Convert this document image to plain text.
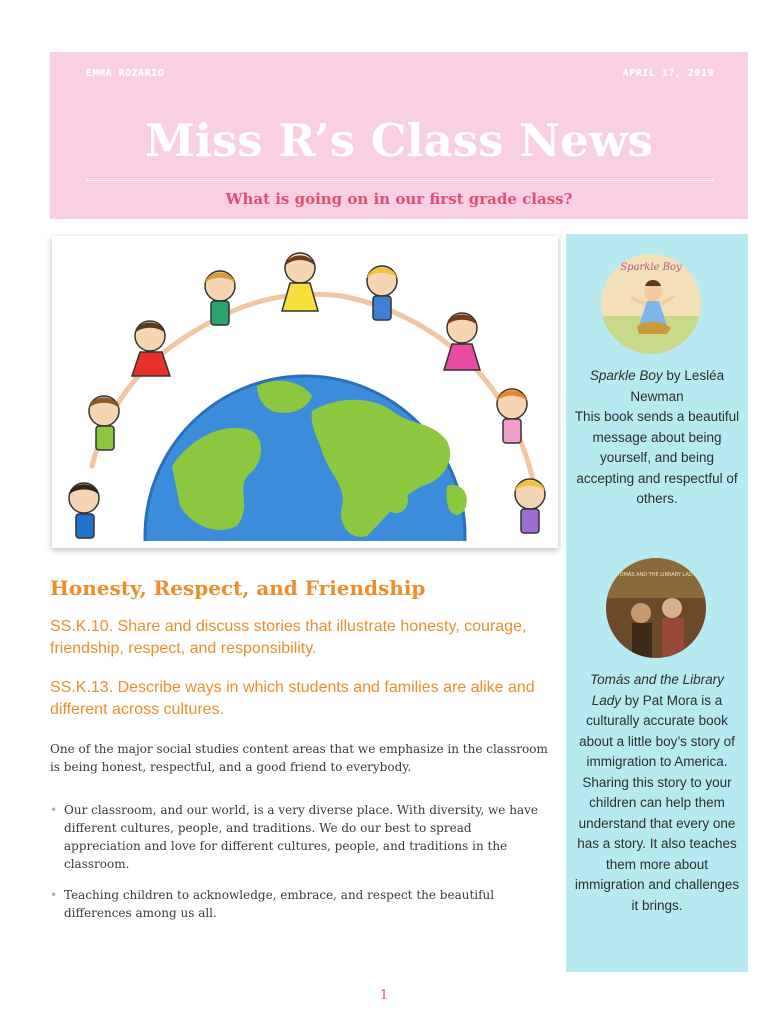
EMMA ROZARIO	APRIL 17, 2019
Miss R’s Class News
What is going on in our first grade class?
Honesty, Respect, and Friendship
SS.K.10. Share and discuss stories that illustrate honesty, courage, friendship, respect, and responsibility.
SS.K.13. Describe ways in which students and families are alike and different across cultures.
One of the major social studies content areas that we emphasize in the classroom is being honest, respectful, and a good friend to everybody.
• Our classroom, and our world, is a very diverse place. With diversity, we have different cultures, people, and traditions. We do our best to spread appreciation and love for different cultures, people, and traditions in the classroom.
• Teaching children to acknowledge, embrace, and respect the beautiful differences among us all.
Sparkle Boy
Sparkle Boy by Lesléa Newman
This book sends a beautiful message about being yourself, and being accepting and respectful of others.
TOMÁS AND THE LIBRARY LADY
Tomás and the Library Lady by Pat Mora is a culturally accurate book about a little boy’s story of immigration to America. Sharing this story to your children can help them understand that every one has a story. It also teaches them more about immigration and challenges it brings.
1
